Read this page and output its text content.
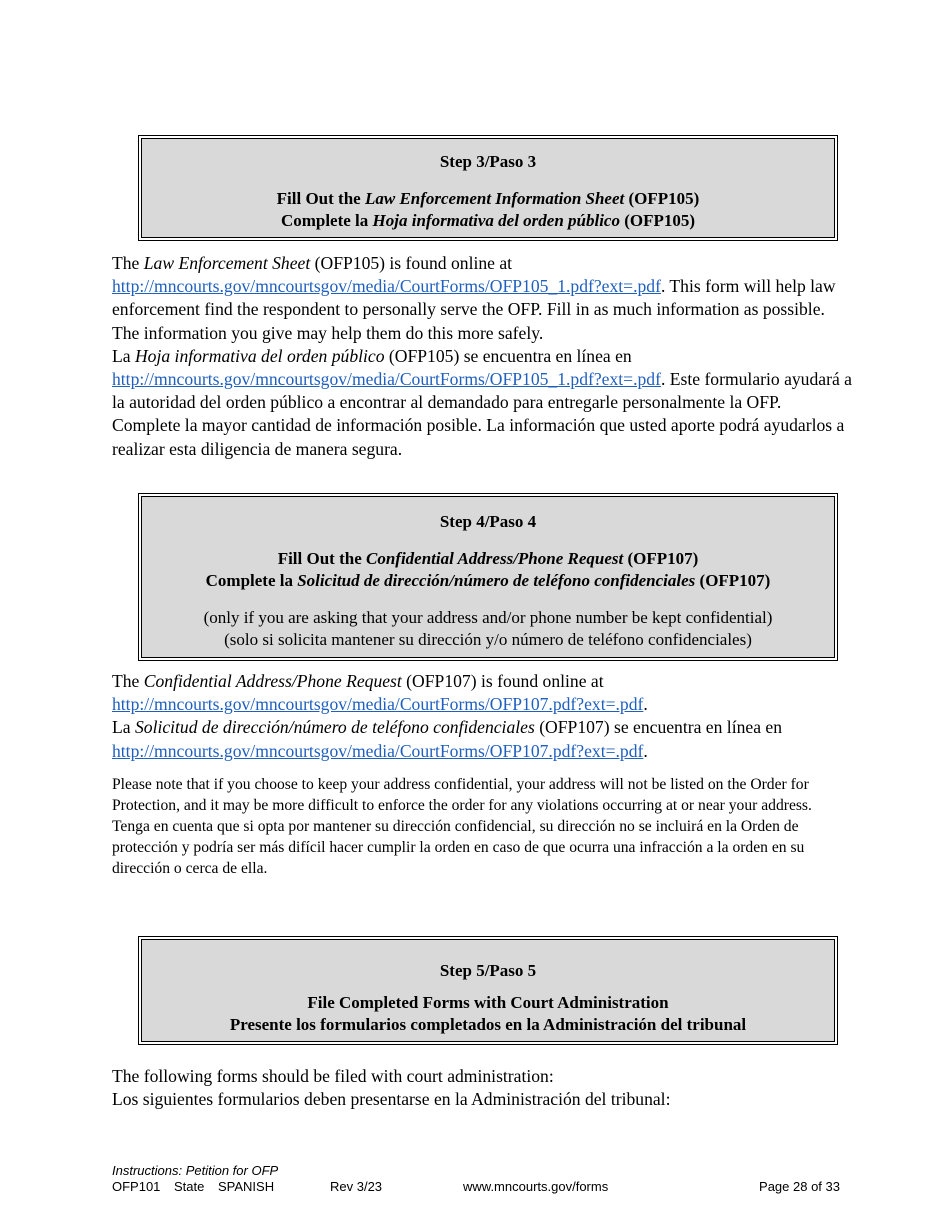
Step 3/Paso 3
Fill Out the Law Enforcement Information Sheet (OFP105)
Complete la Hoja informativa del orden público (OFP105)
The Law Enforcement Sheet (OFP105) is found online at
http://mncourts.gov/mncourtsgov/media/CourtForms/OFP105_1.pdf?ext=.pdf. This form will help law enforcement find the respondent to personally serve the OFP. Fill in as much information as possible. The information you give may help them do this more safely.
La Hoja informativa del orden público (OFP105) se encuentra en línea en
http://mncourts.gov/mncourtsgov/media/CourtForms/OFP105_1.pdf?ext=.pdf. Este formulario ayudará a la autoridad del orden público a encontrar al demandado para entregarle personalmente la OFP. Complete la mayor cantidad de información posible. La información que usted aporte podrá ayudarlos a realizar esta diligencia de manera segura.
Step 4/Paso 4
Fill Out the Confidential Address/Phone Request (OFP107)
Complete la Solicitud de dirección/número de teléfono confidenciales (OFP107)
(only if you are asking that your address and/or phone number be kept confidential)
(solo si solicita mantener su dirección y/o número de teléfono confidenciales)
The Confidential Address/Phone Request (OFP107) is found online at
http://mncourts.gov/mncourtsgov/media/CourtForms/OFP107.pdf?ext=.pdf.
La Solicitud de dirección/número de teléfono confidenciales (OFP107) se encuentra en línea en
http://mncourts.gov/mncourtsgov/media/CourtForms/OFP107.pdf?ext=.pdf.
Please note that if you choose to keep your address confidential, your address will not be listed on the Order for Protection, and it may be more difficult to enforce the order for any violations occurring at or near your address.
Tenga en cuenta que si opta por mantener su dirección confidencial, su dirección no se incluirá en la Orden de protección y podría ser más difícil hacer cumplir la orden en caso de que ocurra una infracción a la orden en su dirección o cerca de ella.
Step 5/Paso 5
File Completed Forms with Court Administration
Presente los formularios completados en la Administración del tribunal
The following forms should be filed with court administration:
Los siguientes formularios deben presentarse en la Administración del tribunal:
Instructions: Petition for OFP
OFP101 State SPANISH	Rev 3/23	www.mncourts.gov/forms	Page 28 of 33
